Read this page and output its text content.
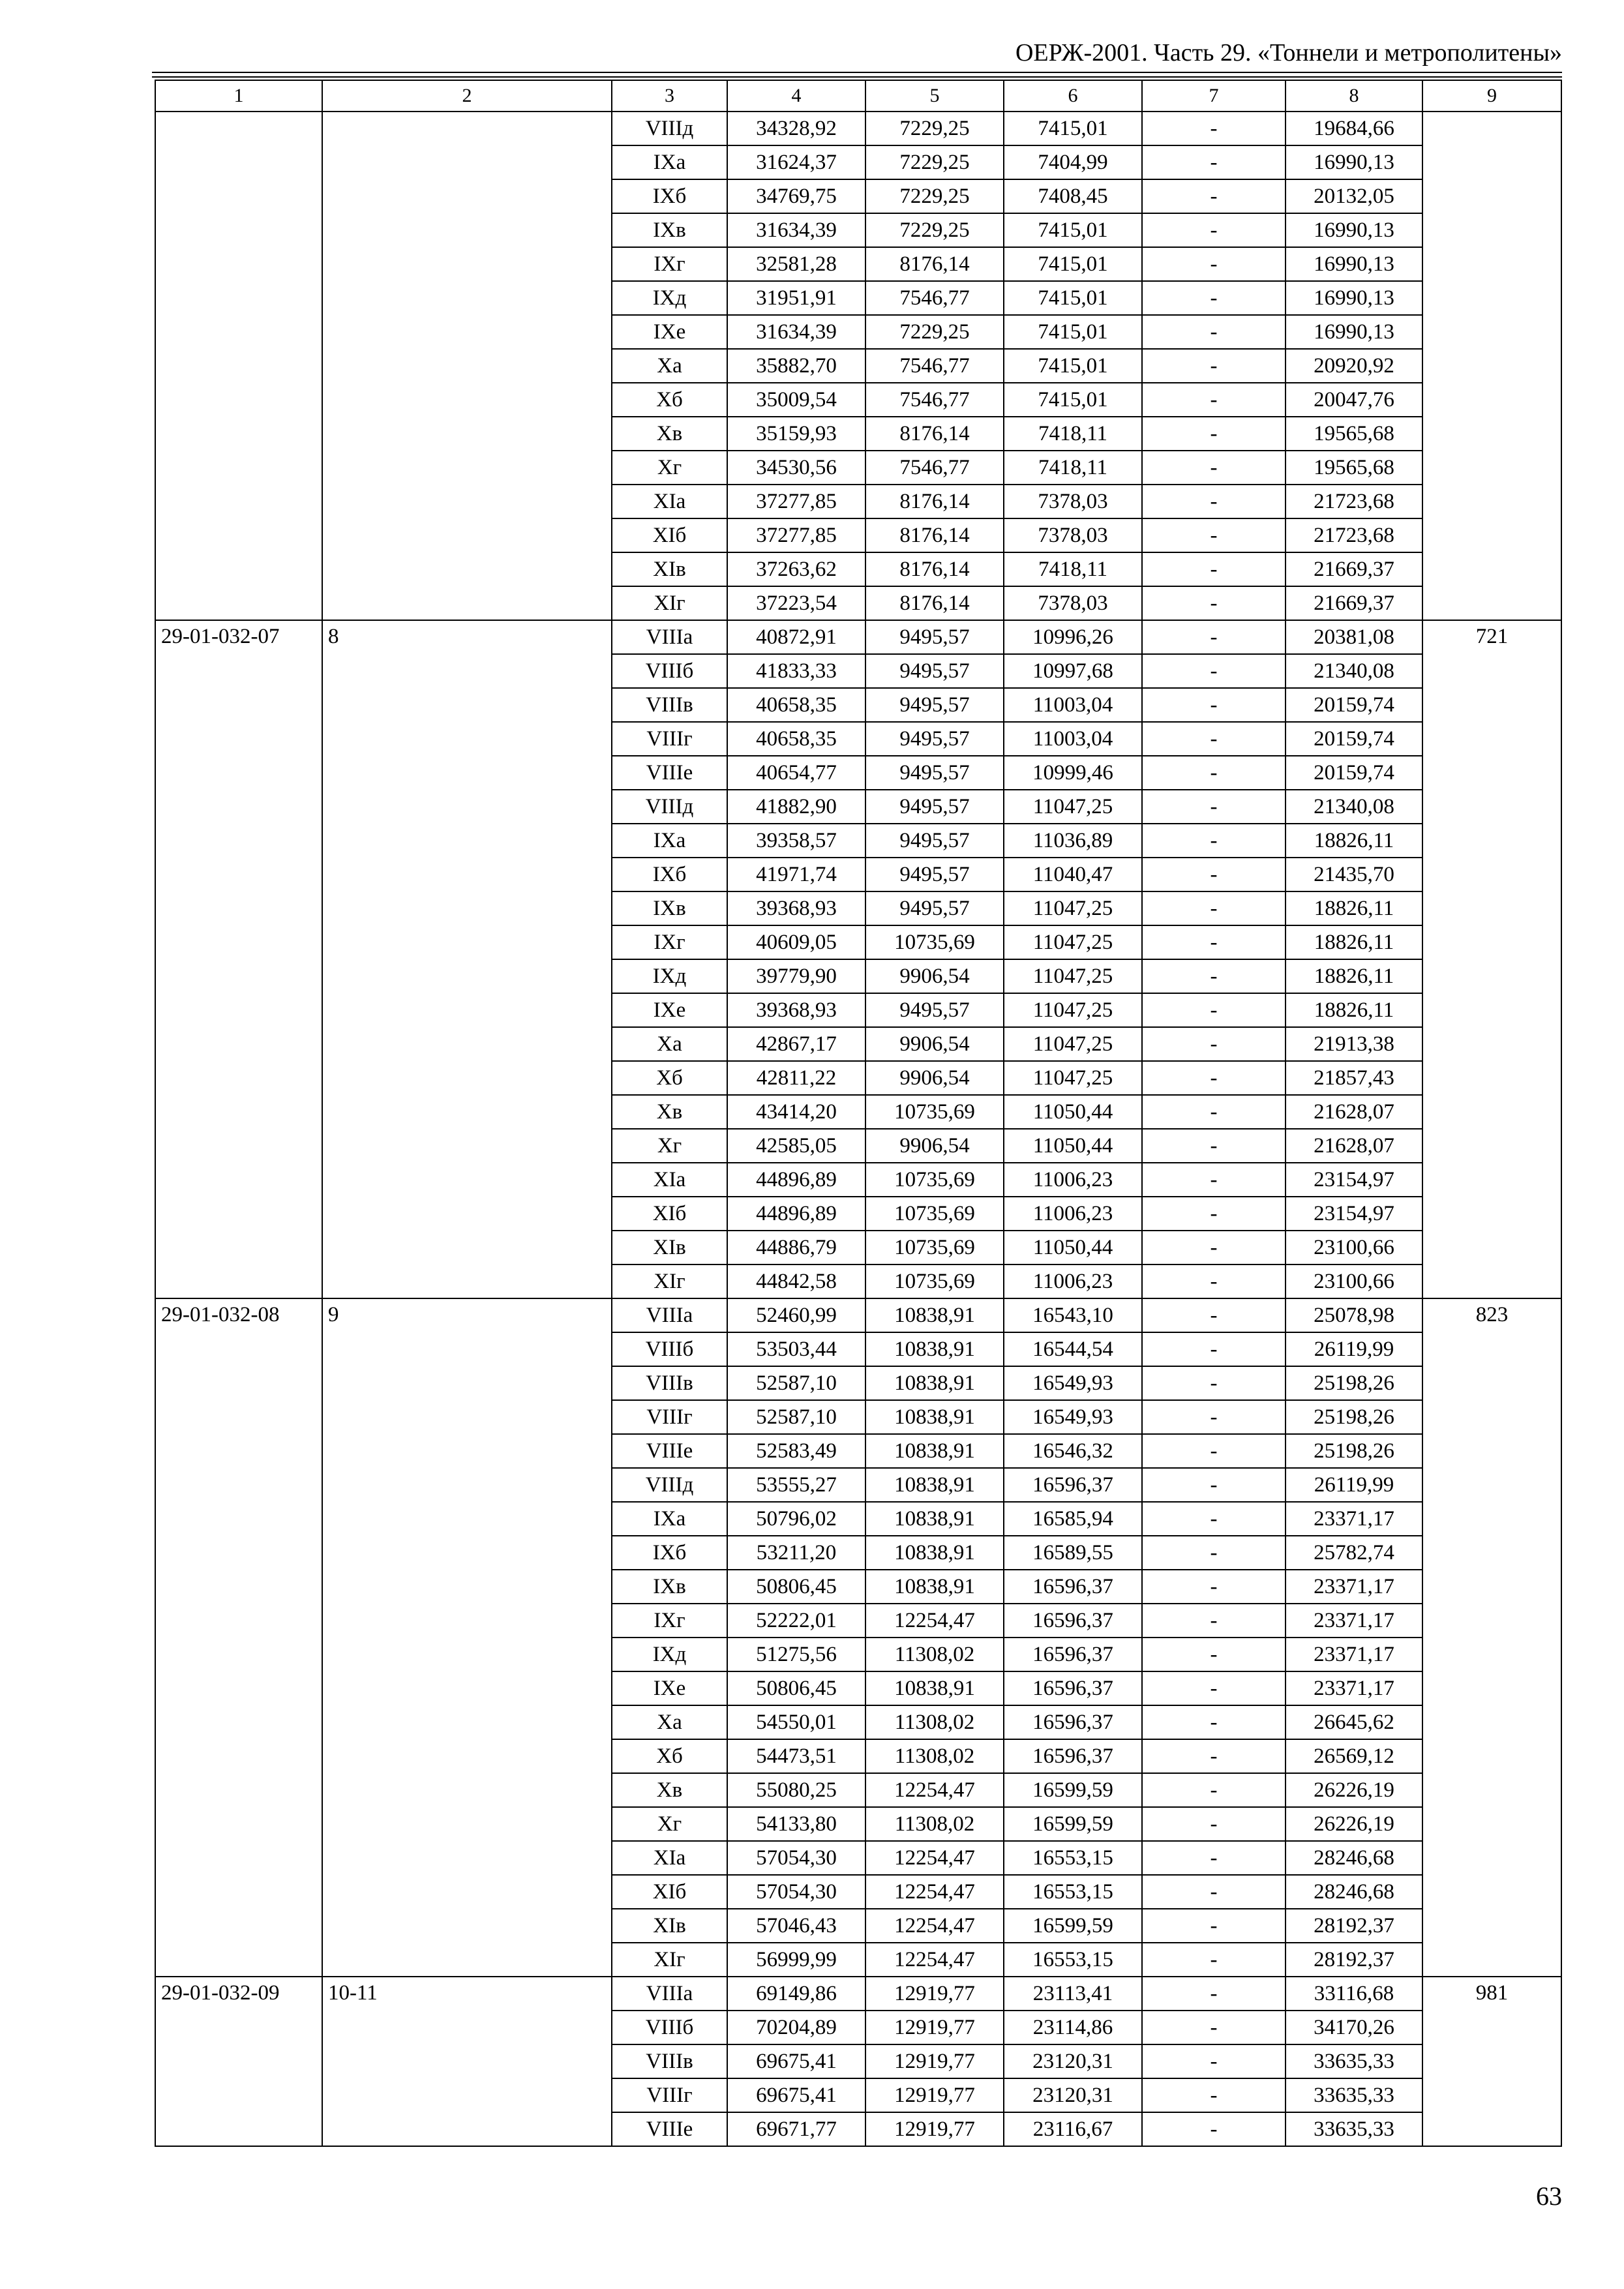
ОЕРЖ-2001. Часть 29. «Тоннели и метрополитены»
1	2	3	4	5	6	7	8	9
		VIIIд	34328,92	7229,25	7415,01	-	19684,66	
		IXа	31624,37	7229,25	7404,99	-	16990,13	
		IXб	34769,75	7229,25	7408,45	-	20132,05	
		IXв	31634,39	7229,25	7415,01	-	16990,13	
		IXг	32581,28	8176,14	7415,01	-	16990,13	
		IXд	31951,91	7546,77	7415,01	-	16990,13	
		IXе	31634,39	7229,25	7415,01	-	16990,13	
		Xа	35882,70	7546,77	7415,01	-	20920,92	
		Xб	35009,54	7546,77	7415,01	-	20047,76	
		Xв	35159,93	8176,14	7418,11	-	19565,68	
		Xг	34530,56	7546,77	7418,11	-	19565,68	
		XIа	37277,85	8176,14	7378,03	-	21723,68	
		XIб	37277,85	8176,14	7378,03	-	21723,68	
		XIв	37263,62	8176,14	7418,11	-	21669,37	
		XIг	37223,54	8176,14	7378,03	-	21669,37	
29-01-032-07	8	VIIIа	40872,91	9495,57	10996,26	-	20381,08	721
		VIIIб	41833,33	9495,57	10997,68	-	21340,08	
		VIIIв	40658,35	9495,57	11003,04	-	20159,74	
		VIIIг	40658,35	9495,57	11003,04	-	20159,74	
		VIIIе	40654,77	9495,57	10999,46	-	20159,74	
		VIIIд	41882,90	9495,57	11047,25	-	21340,08	
		IXа	39358,57	9495,57	11036,89	-	18826,11	
		IXб	41971,74	9495,57	11040,47	-	21435,70	
		IXв	39368,93	9495,57	11047,25	-	18826,11	
		IXг	40609,05	10735,69	11047,25	-	18826,11	
		IXд	39779,90	9906,54	11047,25	-	18826,11	
		IXе	39368,93	9495,57	11047,25	-	18826,11	
		Xа	42867,17	9906,54	11047,25	-	21913,38	
		Xб	42811,22	9906,54	11047,25	-	21857,43	
		Xв	43414,20	10735,69	11050,44	-	21628,07	
		Xг	42585,05	9906,54	11050,44	-	21628,07	
		XIа	44896,89	10735,69	11006,23	-	23154,97	
		XIб	44896,89	10735,69	11006,23	-	23154,97	
		XIв	44886,79	10735,69	11050,44	-	23100,66	
		XIг	44842,58	10735,69	11006,23	-	23100,66	
29-01-032-08	9	VIIIа	52460,99	10838,91	16543,10	-	25078,98	823
		VIIIб	53503,44	10838,91	16544,54	-	26119,99	
		VIIIв	52587,10	10838,91	16549,93	-	25198,26	
		VIIIг	52587,10	10838,91	16549,93	-	25198,26	
		VIIIе	52583,49	10838,91	16546,32	-	25198,26	
		VIIIд	53555,27	10838,91	16596,37	-	26119,99	
		IXа	50796,02	10838,91	16585,94	-	23371,17	
		IXб	53211,20	10838,91	16589,55	-	25782,74	
		IXв	50806,45	10838,91	16596,37	-	23371,17	
		IXг	52222,01	12254,47	16596,37	-	23371,17	
		IXд	51275,56	11308,02	16596,37	-	23371,17	
		IXе	50806,45	10838,91	16596,37	-	23371,17	
		Xа	54550,01	11308,02	16596,37	-	26645,62	
		Xб	54473,51	11308,02	16596,37	-	26569,12	
		Xв	55080,25	12254,47	16599,59	-	26226,19	
		Xг	54133,80	11308,02	16599,59	-	26226,19	
		XIа	57054,30	12254,47	16553,15	-	28246,68	
		XIб	57054,30	12254,47	16553,15	-	28246,68	
		XIв	57046,43	12254,47	16599,59	-	28192,37	
		XIг	56999,99	12254,47	16553,15	-	28192,37	
29-01-032-09	10-11	VIIIа	69149,86	12919,77	23113,41	-	33116,68	981
		VIIIб	70204,89	12919,77	23114,86	-	34170,26	
		VIIIв	69675,41	12919,77	23120,31	-	33635,33	
		VIIIг	69675,41	12919,77	23120,31	-	33635,33	
		VIIIе	69671,77	12919,77	23116,67	-	33635,33	
63
